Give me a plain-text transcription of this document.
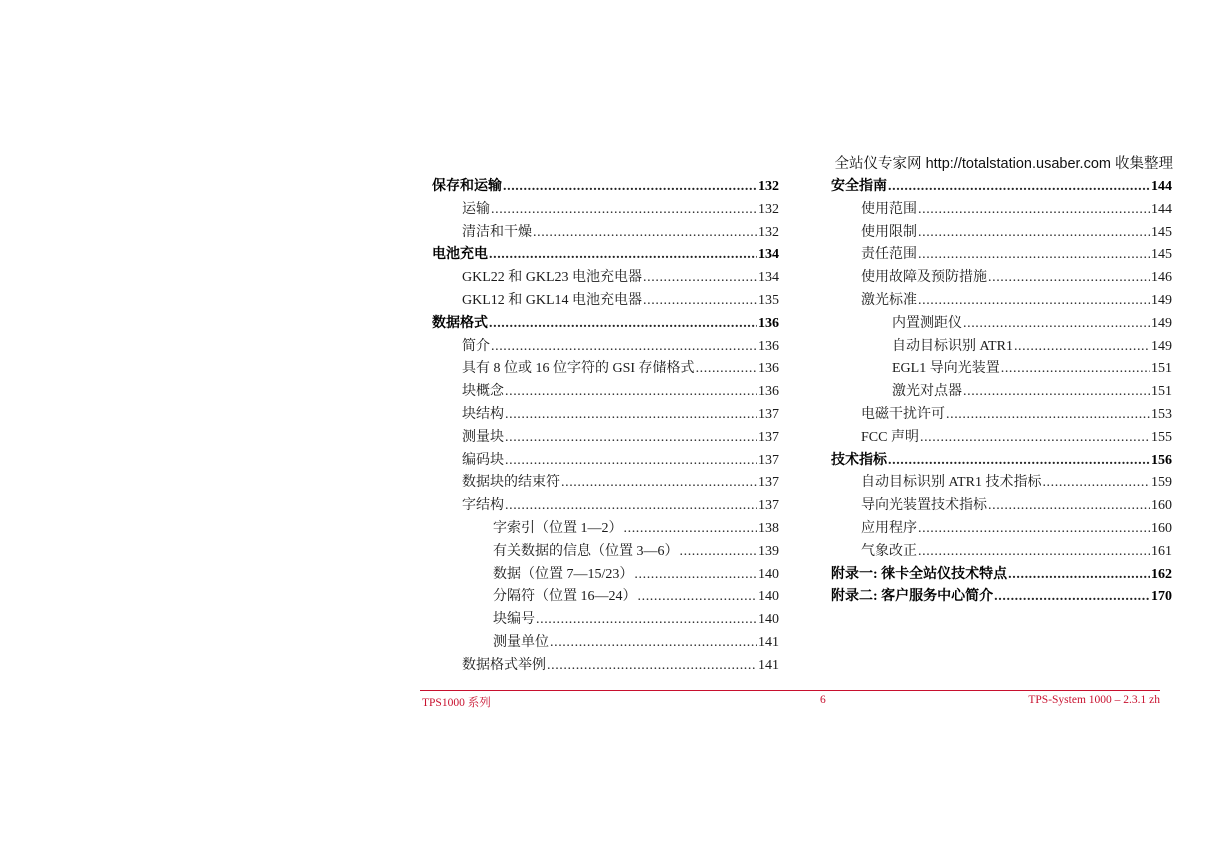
全站仪专家网 http://totalstation.usaber.com 收集整理
保存和运输 .....	132
运输 .....	132
清洁和干燥 .....	132
电池充电 .....	134
GKL22 和 GKL23 电池充电器 .....	134
GKL12 和 GKL14 电池充电器 .....	135
数据格式 .....	136
简介 .....	136
具有 8 位或 16 位字符的 GSI 存储格式 .....	136
块概念 .....	136
块结构 .....	137
测量块 .....	137
编码块 .....	137
数据块的结束符 .....	137
字结构 .....	137
字索引（位置 1—2） .....	138
有关数据的信息（位置 3—6） .....	139
数据（位置 7—15/23） .....	140
分隔符（位置 16—24） .....	140
块编号 .....	140
测量单位 .....	141
数据格式举例 .....	141
安全指南 .....	144
使用范围 .....	144
使用限制 .....	145
责任范围 .....	145
使用故障及预防措施 .....	146
激光标准 .....	149
内置测距仪 .....	149
自动目标识别 ATR1 .....	149
EGL1 导向光装置 .....	151
激光对点器 .....	151
电磁干扰许可 .....	153
FCC 声明 .....	155
技术指标 .....	156
自动目标识别 ATR1 技术指标 .....	159
导向光装置技术指标 .....	160
应用程序 .....	160
气象改正 .....	161
附录一: 徕卡全站仪技术特点 .....	162
附录二: 客户服务中心简介 .....	170
TPS1000 系列	6	TPS-System 1000 – 2.3.1 zh
